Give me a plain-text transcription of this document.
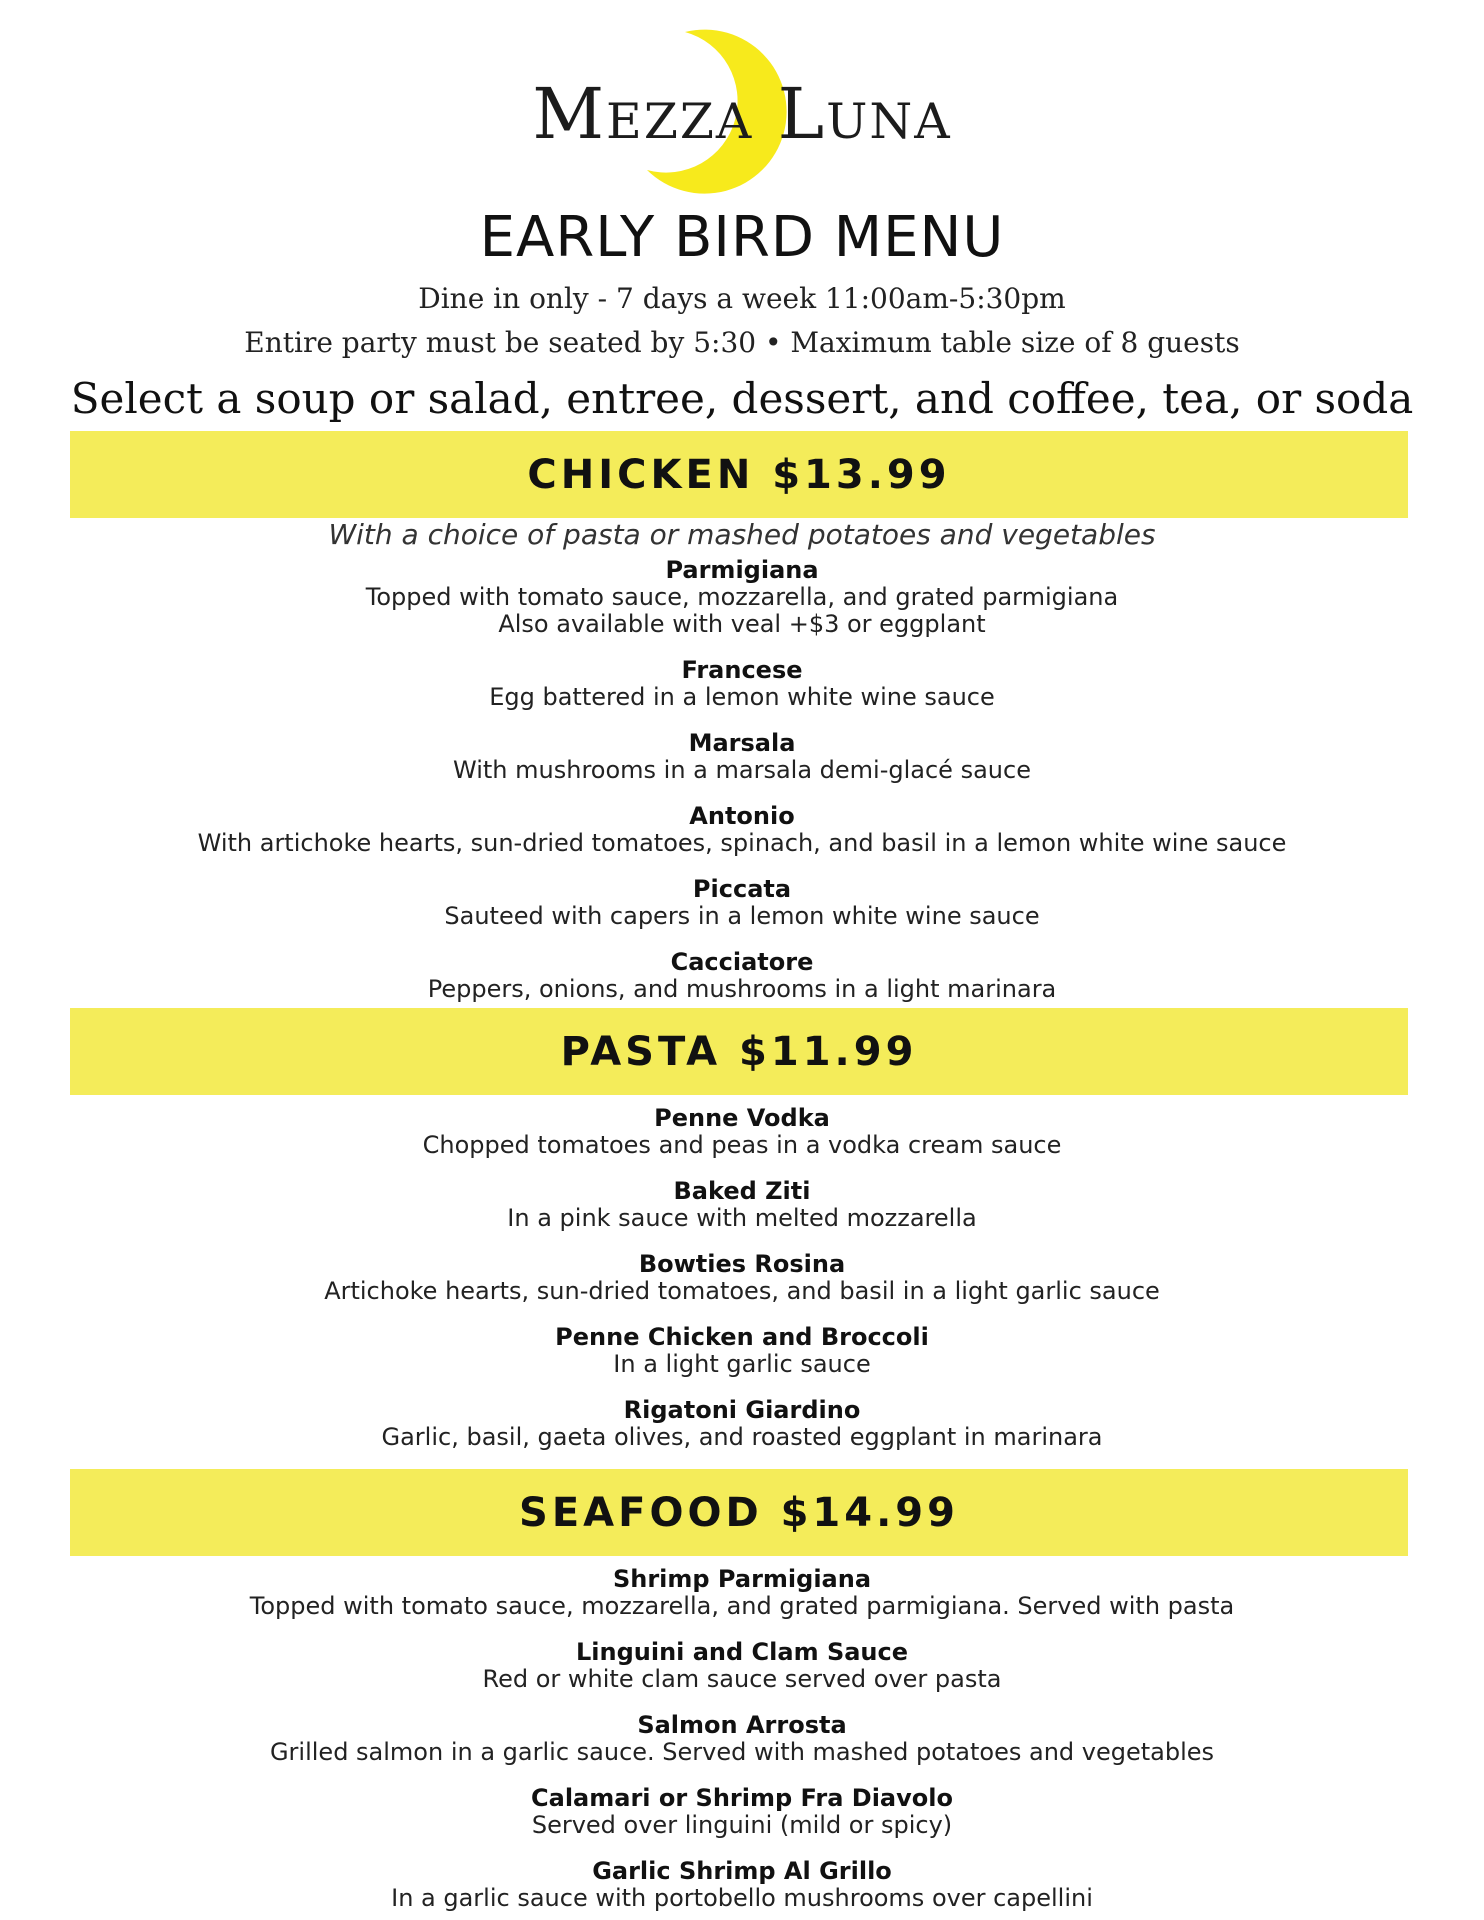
Mezza Luna
EARLY BIRD MENU
Dine in only - 7 days a week 11:00am-5:30pm
Entire party must be seated by 5:30 • Maximum table size of 8 guests
Select a soup or salad, entree, dessert, and coffee, tea, or soda
CHICKEN $13.99
With a choice of pasta or mashed potatoes and vegetables
Parmigiana
Topped with tomato sauce, mozzarella, and grated parmigiana
Also available with veal +$3 or eggplant
Francese
Egg battered in a lemon white wine sauce
Marsala
With mushrooms in a marsala demi-glacé sauce
Antonio
With artichoke hearts, sun-dried tomatoes, spinach, and basil in a lemon white wine sauce
Piccata
Sauteed with capers in a lemon white wine sauce
Cacciatore
Peppers, onions, and mushrooms in a light marinara
PASTA $11.99
Penne Vodka
Chopped tomatoes and peas in a vodka cream sauce
Baked Ziti
In a pink sauce with melted mozzarella
Bowties Rosina
Artichoke hearts, sun-dried tomatoes, and basil in a light garlic sauce
Penne Chicken and Broccoli
In a light garlic sauce
Rigatoni Giardino
Garlic, basil, gaeta olives, and roasted eggplant in marinara
SEAFOOD $14.99
Shrimp Parmigiana
Topped with tomato sauce, mozzarella, and grated parmigiana. Served with pasta
Linguini and Clam Sauce
Red or white clam sauce served over pasta
Salmon Arrosta
Grilled salmon in a garlic sauce. Served with mashed potatoes and vegetables
Calamari or Shrimp Fra Diavolo
Served over linguini (mild or spicy)
Garlic Shrimp Al Grillo
In a garlic sauce with portobello mushrooms over capellini
